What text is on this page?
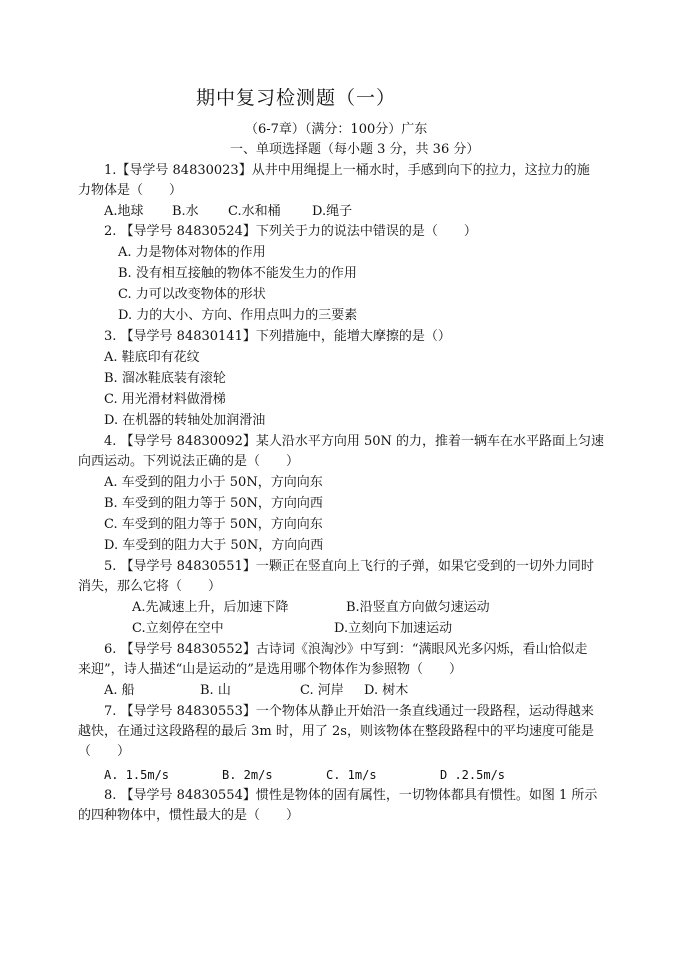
期中复习检测题（一）
（6-7章）（满分：100分）广东
一、单项选择题（每小题 3 分，共 36 分）
1.【导学号 84830023】从井中用绳提上一桶水时，手感到向下的拉力，这拉力的施
力物体是（　　）
A.地球 B.水 C.水和桶 D.绳子
2. 【导学号 84830524】下列关于力的说法中错误的是（　　）
A. 力是物体对物体的作用
B. 没有相互接触的物体不能发生力的作用
C. 力可以改变物体的形状
D. 力的大小、方向、作用点叫力的三要素
3. 【导学号 84830141】下列措施中，能增大摩擦的是（）
A. 鞋底印有花纹
B. 溜冰鞋底装有滚轮
C. 用光滑材料做滑梯
D. 在机器的转轴处加润滑油
4. 【导学号 84830092】某人沿水平方向用 50N 的力，推着一辆车在水平路面上匀速
向西运动。下列说法正确的是（　　）
A. 车受到的阻力小于 50N，方向向东
B. 车受到的阻力等于 50N，方向向西
C. 车受到的阻力等于 50N，方向向东
D. 车受到的阻力大于 50N，方向向西
5. 【导学号 84830551】一颗正在竖直向上飞行的子弹，如果它受到的一切外力同时
消失，那么它将（　　）
A.先减速上升，后加速下降	B.沿竖直方向做匀速运动
C.立刻停在空中	D.立刻向下加速运动
6. 【导学号 84830552】古诗词《浪淘沙》中写到：“满眼风光多闪烁，看山恰似走
来迎”，诗人描述“山是运动的”是选用哪个物体作为参照物（　　）
A. 船	B. 山	C. 河岸 D. 树木
7. 【导学号 84830553】一个物体从静止开始沿一条直线通过一段路程，运动得越来
越快，在通过这段路程的最后 3m 时，用了 2s，则该物体在整段路程中的平均速度可能是
（　　）
A. 1.5m/s	B. 2m/s	C. 1m/s	D .2.5m/s
8. 【导学号 84830554】惯性是物体的固有属性，一切物体都具有惯性。如图 1 所示
的四种物体中，惯性最大的是（　　）
